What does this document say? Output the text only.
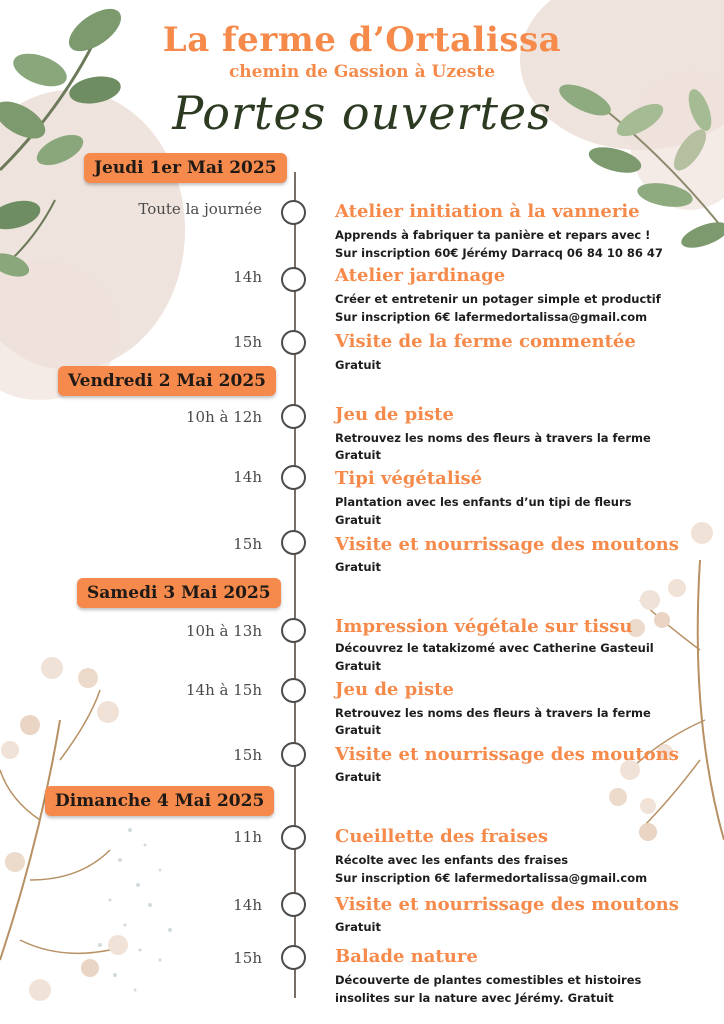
La ferme d’Ortalissa
chemin de Gassion à Uzeste
Portes ouvertes
Jeudi 1er Mai 2025
Toute la journée	Atelier initiation à la vannerie
Apprends à fabriquer ta panière et repars avec !
Sur inscription 60€ Jérémy Darracq 06 84 10 86 47
14h	Atelier jardinage
Créer et entretenir un potager simple et productif
Sur inscription 6€ lafermedortalissa@gmail.com
15h	Visite de la ferme commentée
Gratuit
Vendredi 2 Mai 2025
10h à 12h	Jeu de piste
Retrouvez les noms des fleurs à travers la ferme
Gratuit
14h	Tipi végétalisé
Plantation avec les enfants d’un tipi de fleurs
Gratuit
15h	Visite et nourrissage des moutons
Gratuit
Samedi 3 Mai 2025
10h à 13h	Impression végétale sur tissu
Découvrez le tatakizomé avec Catherine Gasteuil
Gratuit
14h à 15h	Jeu de piste
Retrouvez les noms des fleurs à travers la ferme
Gratuit
15h	Visite et nourrissage des moutons
Gratuit
Dimanche 4 Mai 2025
11h	Cueillette des fraises
Récolte avec les enfants des fraises
Sur inscription 6€ lafermedortalissa@gmail.com
14h	Visite et nourrissage des moutons
Gratuit
15h	Balade nature
Découverte de plantes comestibles et histoires
insolites sur la nature avec Jérémy. Gratuit
